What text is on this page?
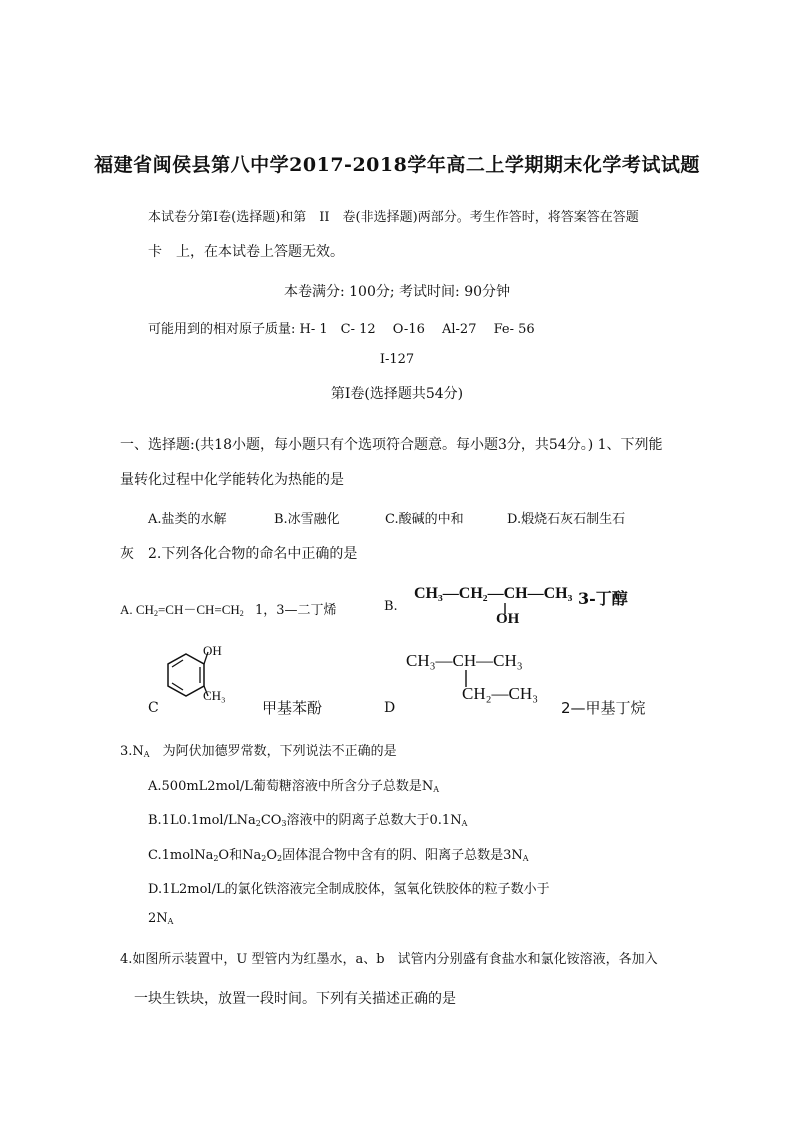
福建省闽侯县第八中学2017-2018学年高二上学期期末化学考试试题
本试卷分第Ⅰ卷(选择题)和第　II　卷(非选择题)两部分。考生作答时，将答案答在答题
卡　上，在本试卷上答题无效。
本卷满分: 100分; 考试时间: 90分钟
可能用到的相对原子质量: H- 1　C- 12　 O-16　 Al-27　 Fe- 56
I-127
第I卷(选择题共54分)
一、选择题:(共18小题，每小题只有个选项符合题意。每小题3分，共54分。) 1、下列能
量转化过程中化学能转化为热能的是
A.盐类的水解	B.冰雪融化	C.酸碱的中和	D.煅烧石灰石制生石
灰　2.下列各化合物的命名中正确的是
A. $CH_2=CH-CH=CH_2$ 1，3—二丁烯	B.
CH₃—CH₂—CH—CH₃
OH
3-丁醇
OH
CH₃
C	甲基苯酚
CH₃—CH—CH₃
CH₂—CH₃
D	2—甲基丁烷
$3.N_A$　 为阿伏加德罗常数，下列说法不正确的是
A.500mL2mol/L葡萄糖溶液中所含分子总数是$N_A$
$B.1L0.1mol/LNa_2CO_3$溶液中的阴离子总数大于$0.1N_A$
C.1molNa$_2$O和$Na_2O_2$固体混合物中含有的阴、阳离子总数是$3N_A$
D.1L2mol/L的氯化铁溶液完全制成胶体，氢氧化铁胶体的粒子数小于
$2N_A$
4.如图所示装置中，U 型管内为红墨水，a、b　试管内分别盛有食盐水和氯化铵溶液，各加入
一块生铁块，放置一段时间。下列有关描述正确的是
